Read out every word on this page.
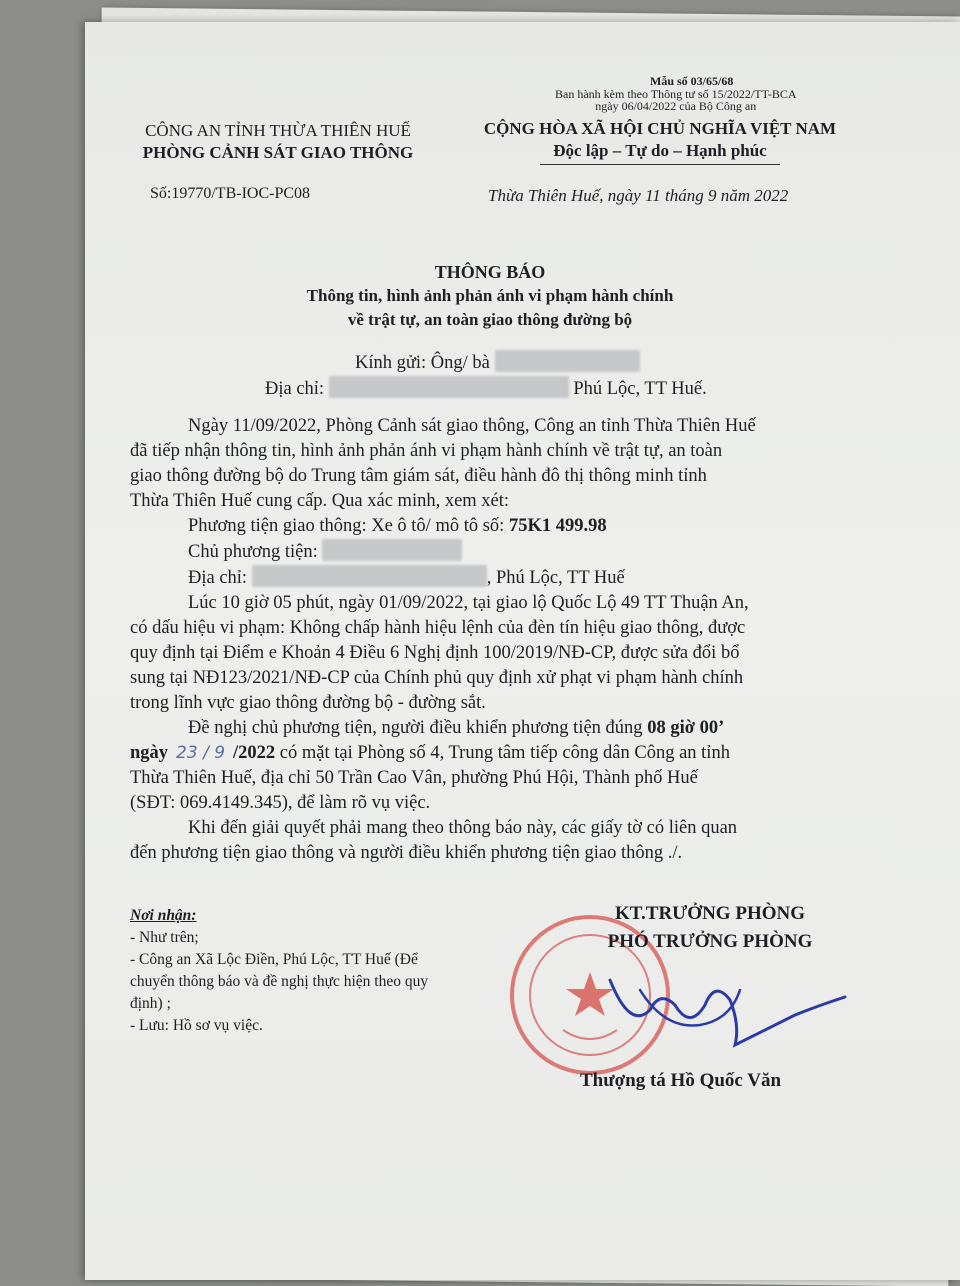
Mẫu số 03/65/68
Ban hành kèm theo Thông tư số 15/2022/TT-BCA
ngày 06/04/2022 của Bộ Công an
CÔNG AN TỈNH THỪA THIÊN HUẾ
PHÒNG CẢNH SÁT GIAO THÔNG
CỘNG HÒA XÃ HỘI CHỦ NGHĨA VIỆT NAM
Độc lập – Tự do – Hạnh phúc
Số:19770/TB-IOC-PC08	Thừa Thiên Huế, ngày 11 tháng 9 năm 2022
THÔNG BÁO
Thông tin, hình ảnh phản ánh vi phạm hành chính
về trật tự, an toàn giao thông đường bộ
Kính gửi: Ông/ bà
Địa chỉ:	Phú Lộc, TT Huế.
Ngày 11/09/2022, Phòng Cảnh sát giao thông, Công an tỉnh Thừa Thiên Huế
đã tiếp nhận thông tin, hình ảnh phản ánh vi phạm hành chính về trật tự, an toàn
giao thông đường bộ do Trung tâm giám sát, điều hành đô thị thông minh tỉnh
Thừa Thiên Huế cung cấp. Qua xác minh, xem xét:
Phương tiện giao thông: Xe ô tô/ mô tô số: 75K1 499.98
Chủ phương tiện:
Địa chỉ:	, Phú Lộc, TT Huế
Lúc 10 giờ 05 phút, ngày 01/09/2022, tại giao lộ Quốc Lộ 49 TT Thuận An,
có dấu hiệu vi phạm: Không chấp hành hiệu lệnh của đèn tín hiệu giao thông, được
quy định tại Điểm e Khoản 4 Điều 6 Nghị định 100/2019/NĐ-CP, được sửa đổi bổ
sung tại NĐ123/2021/NĐ-CP của Chính phủ quy định xử phạt vi phạm hành chính
trong lĩnh vực giao thông đường bộ - đường sắt.
Đề nghị chủ phương tiện, người điều khiển phương tiện đúng 08 giờ 00’
ngày 23 / 9 /2022 có mặt tại Phòng số 4, Trung tâm tiếp công dân Công an tỉnh
Thừa Thiên Huế, địa chỉ 50 Trần Cao Vân, phường Phú Hội, Thành phố Huế
(SĐT: 069.4149.345), để làm rõ vụ việc.
Khi đến giải quyết phải mang theo thông báo này, các giấy tờ có liên quan
đến phương tiện giao thông và người điều khiển phương tiện giao thông ./.
Nơi nhận:
- Như trên;
- Công an Xã Lộc Điền, Phú Lộc, TT Huế (Để
chuyển thông báo và đề nghị thực hiện theo quy
định) ;
- Lưu: Hồ sơ vụ việc.
KT.TRƯỞNG PHÒNG
PHÓ TRƯỞNG PHÒNG
Thượng tá Hồ Quốc Văn
